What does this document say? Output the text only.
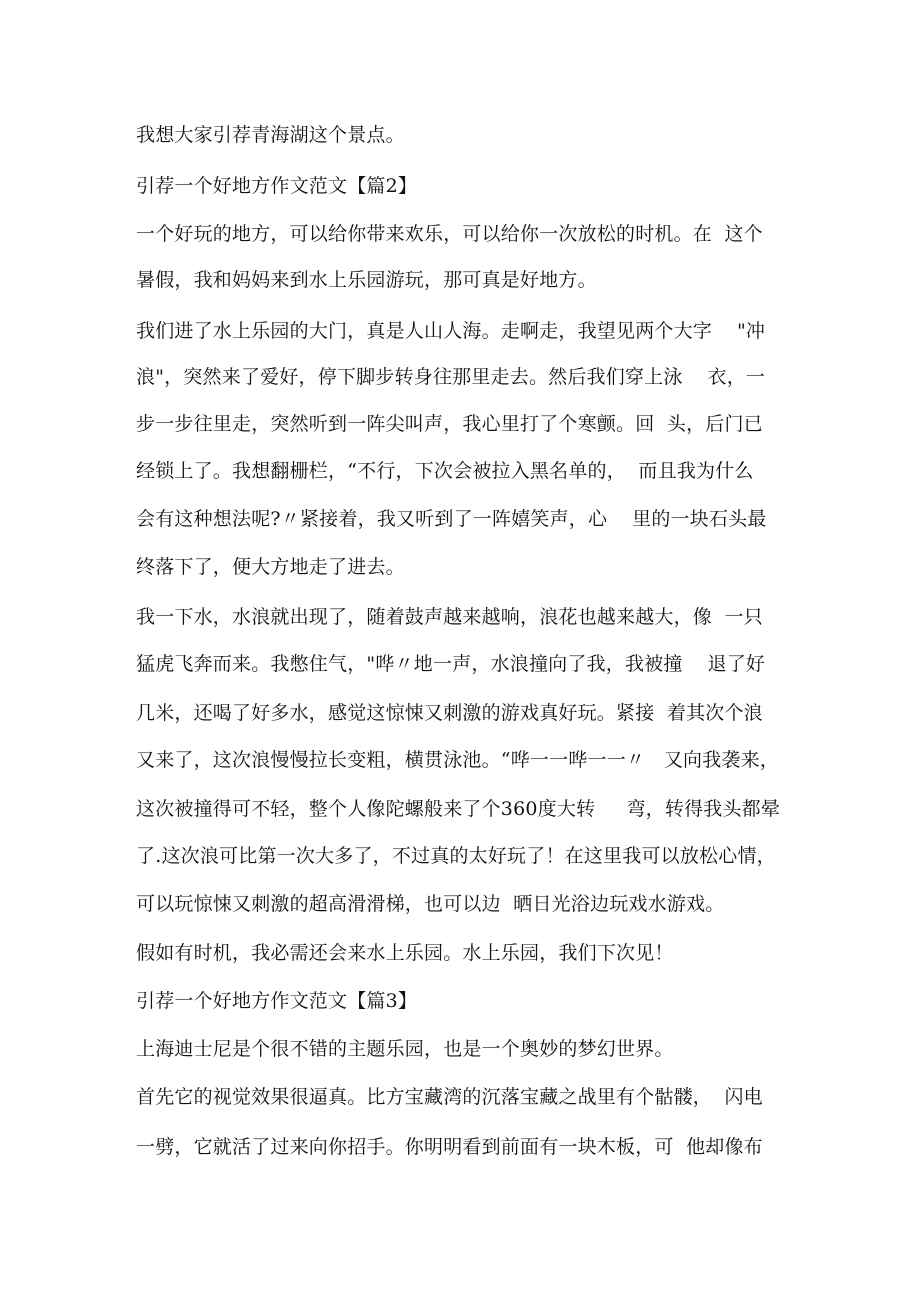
我想大家引荐青海湖这个景点。
引荐一个好地方作文范文【篇2】
一个好玩的地方，可以给你带来欢乐，可以给你一次放松的时机。在  这个
暑假，我和妈妈来到水上乐园游玩，那可真是好地方。
我们进了水上乐园的大门，真是人山人海。走啊走，我望见两个大字    "冲
浪"，突然来了爱好，停下脚步转身往那里走去。然后我们穿上泳    衣，一
步一步往里走，突然听到一阵尖叫声，我心里打了个寒颤。回  头，后门已
经锁上了。我想翻栅栏，“不行，下次会被拉入黑名单的，  而且我为什么
会有这种想法呢?〃紧接着，我又听到了一阵嬉笑声，心    里的一块石头最
终落下了，便大方地走了进去。
我一下水，水浪就出现了，随着鼓声越来越响，浪花也越来越大，像  一只
猛虎飞奔而来。我憋住气，"哗〃地一声，水浪撞向了我，我被撞    退了好
几米，还喝了好多水，感觉这惊悚又刺激的游戏真好玩。紧接  着其次个浪
又来了，这次浪慢慢拉长变粗，横贯泳池。“哗一一哗一一〃   又向我袭来，
这次被撞得可不轻，整个人像陀螺般来了个360度大转     弯，转得我头都晕
了.这次浪可比第一次大多了，不过真的太好玩了！在这里我可以放松心情，
可以玩惊悚又刺激的超高滑滑梯，也可以边  晒日光浴边玩戏水游戏。
假如有时机，我必需还会来水上乐园。水上乐园，我们下次见！
引荐一个好地方作文范文【篇3】
上海迪士尼是个很不错的主题乐园，也是一个奥妙的梦幻世界。
首先它的视觉效果很逼真。比方宝藏湾的沉落宝藏之战里有个骷髅，  闪电
一劈，它就活了过来向你招手。你明明看到前面有一块木板，可  他却像布
